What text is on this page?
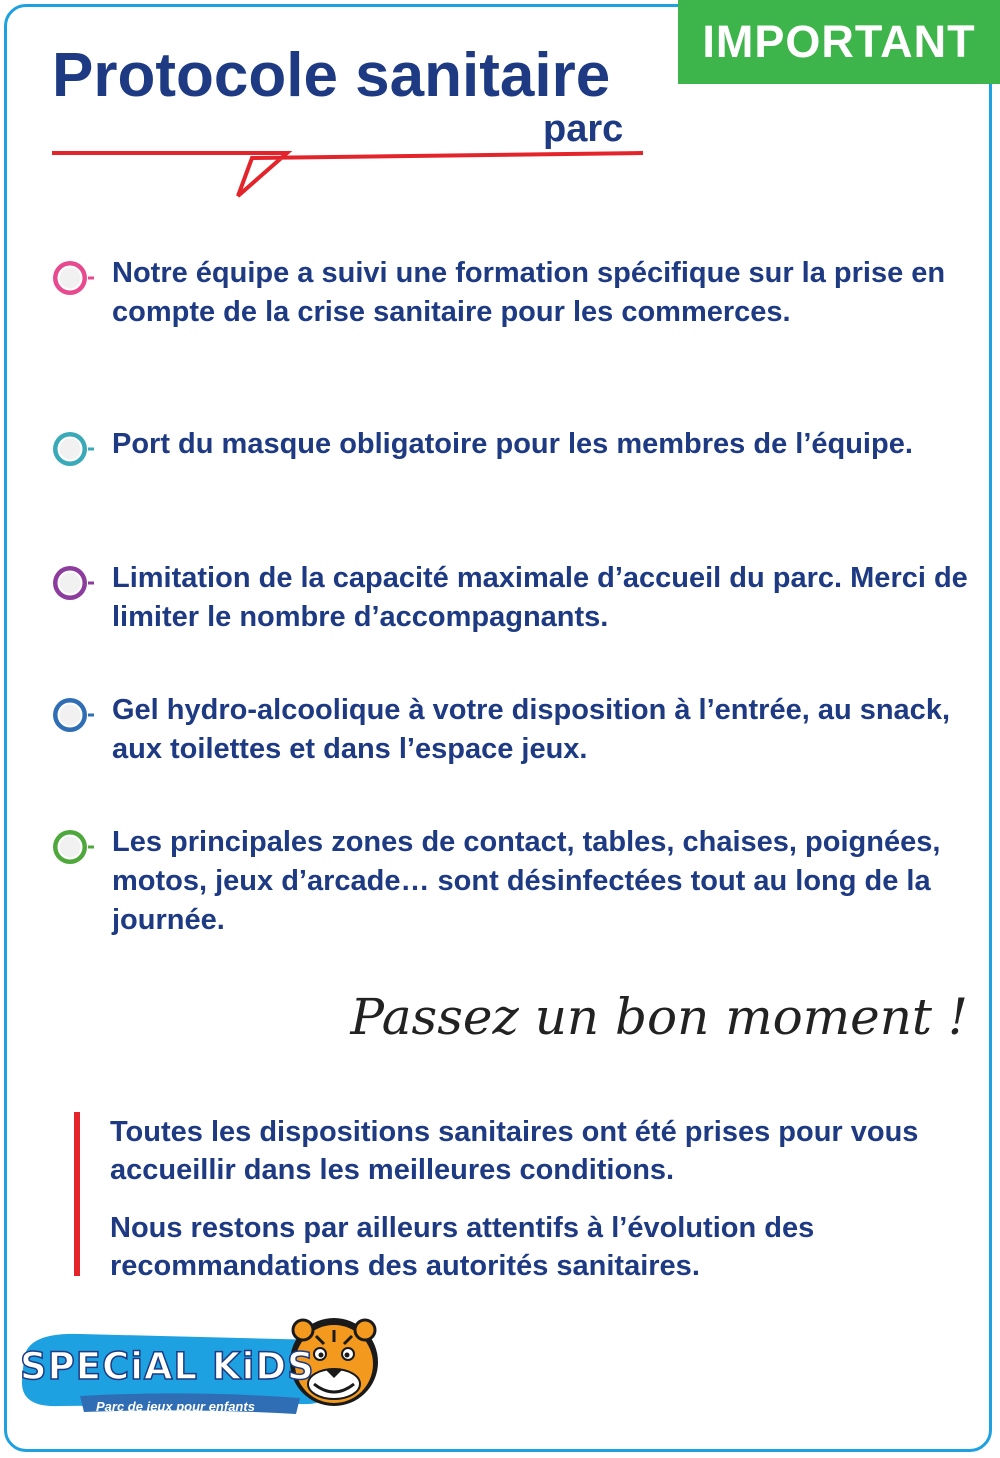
IMPORTANT
Protocole sanitaire
parc
Notre équipe a suivi une formation spécifique sur la prise en compte de la crise sanitaire pour les commerces.
Port du masque obligatoire pour les membres de l’équipe.
Limitation de la capacité maximale d’accueil du parc. Merci de limiter le nombre d’accompagnants.
Gel hydro-alcoolique à votre disposition à l’entrée, au snack, aux toilettes et dans l’espace jeux.
Les principales zones de contact, tables, chaises, poignées, motos, jeux d’arcade… sont désinfectées tout au long de la journée.
Passez un bon moment !
Toutes les dispositions sanitaires ont été prises pour vous accueillir dans les meilleures conditions.
Nous restons par ailleurs attentifs à l’évolution des recommandations des autorités sanitaires.
SPECiAL KiDS
Parc de jeux pour enfants
